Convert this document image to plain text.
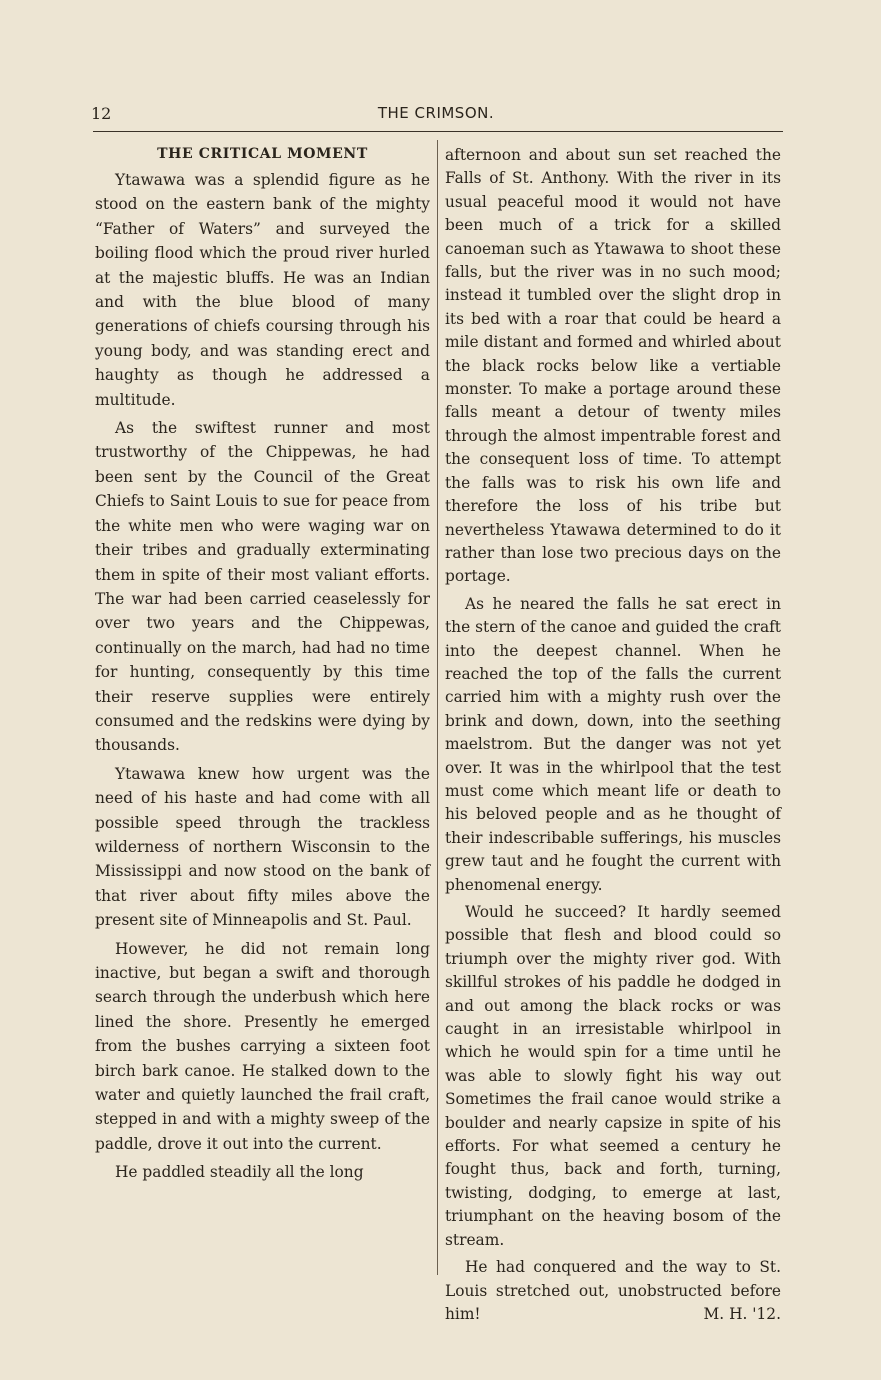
12	THE CRIMSON.
THE CRITICAL MOMENT

Ytawawa was a splendid figure as he stood on the eastern bank of the mighty “Father of Waters” and surveyed the boiling flood which the proud river hurled at the majestic bluffs. He was an Indian and with the blue blood of many generations of chiefs coursing through his young body, and was standing erect and haughty as though he addressed a multitude.

As the swiftest runner and most trustworthy of the Chippewas, he had been sent by the Council of the Great Chiefs to Saint Louis to sue for peace from the white men who were waging war on their tribes and gradually exterminating them in spite of their most valiant efforts. The war had been carried ceaselessly for over two years and the Chippewas, continually on the march, had had no time for hunting, consequently by this time their reserve supplies were entirely consumed and the redskins were dying by thousands.

Ytawawa knew how urgent was the need of his haste and had come with all possible speed through the trackless wilderness of northern Wisconsin to the Mississippi and now stood on the bank of that river about fifty miles above the present site of Minneapolis and St. Paul.

However, he did not remain long inactive, but began a swift and thorough search through the underbush which here lined the shore. Presently he emerged from the bushes carrying a sixteen foot birch bark canoe. He stalked down to the water and quietly launched the frail craft, stepped in and with a mighty sweep of the paddle, drove it out into the current.

He paddled steadily all the long

afternoon and about sun set reached the Falls of St. Anthony. With the river in its usual peaceful mood it would not have been much of a trick for a skilled canoeman such as Ytawawa to shoot these falls, but the river was in no such mood; instead it tumbled over the slight drop in its bed with a roar that could be heard a mile distant and formed and whirled about the black rocks below like a vertiable monster. To make a portage around these falls meant a detour of twenty miles through the almost impentrable forest and the consequent loss of time. To attempt the falls was to risk his own life and therefore the loss of his tribe but nevertheless Ytawawa determined to do it rather than lose two precious days on the portage.

As he neared the falls he sat erect in the stern of the canoe and guided the craft into the deepest channel. When he reached the top of the falls the current carried him with a mighty rush over the brink and down, down, into the seething maelstrom. But the danger was not yet over. It was in the whirlpool that the test must come which meant life or death to his beloved people and as he thought of their indescribable sufferings, his muscles grew taut and he fought the current with phenomenal energy.

Would he succeed? It hardly seemed possible that flesh and blood could so triumph over the mighty river god. With skillful strokes of his paddle he dodged in and out among the black rocks or was caught in an irresistable whirlpool in which he would spin for a time until he was able to slowly fight his way out Sometimes the frail canoe would strike a boulder and nearly capsize in spite of his efforts. For what seemed a century he fought thus, back and forth, turning, twisting, dodging, to emerge at last, triumphant on the heaving bosom of the stream.

He had conquered and the way to St. Louis stretched out, unobstructed before him!	M. H. '12.
